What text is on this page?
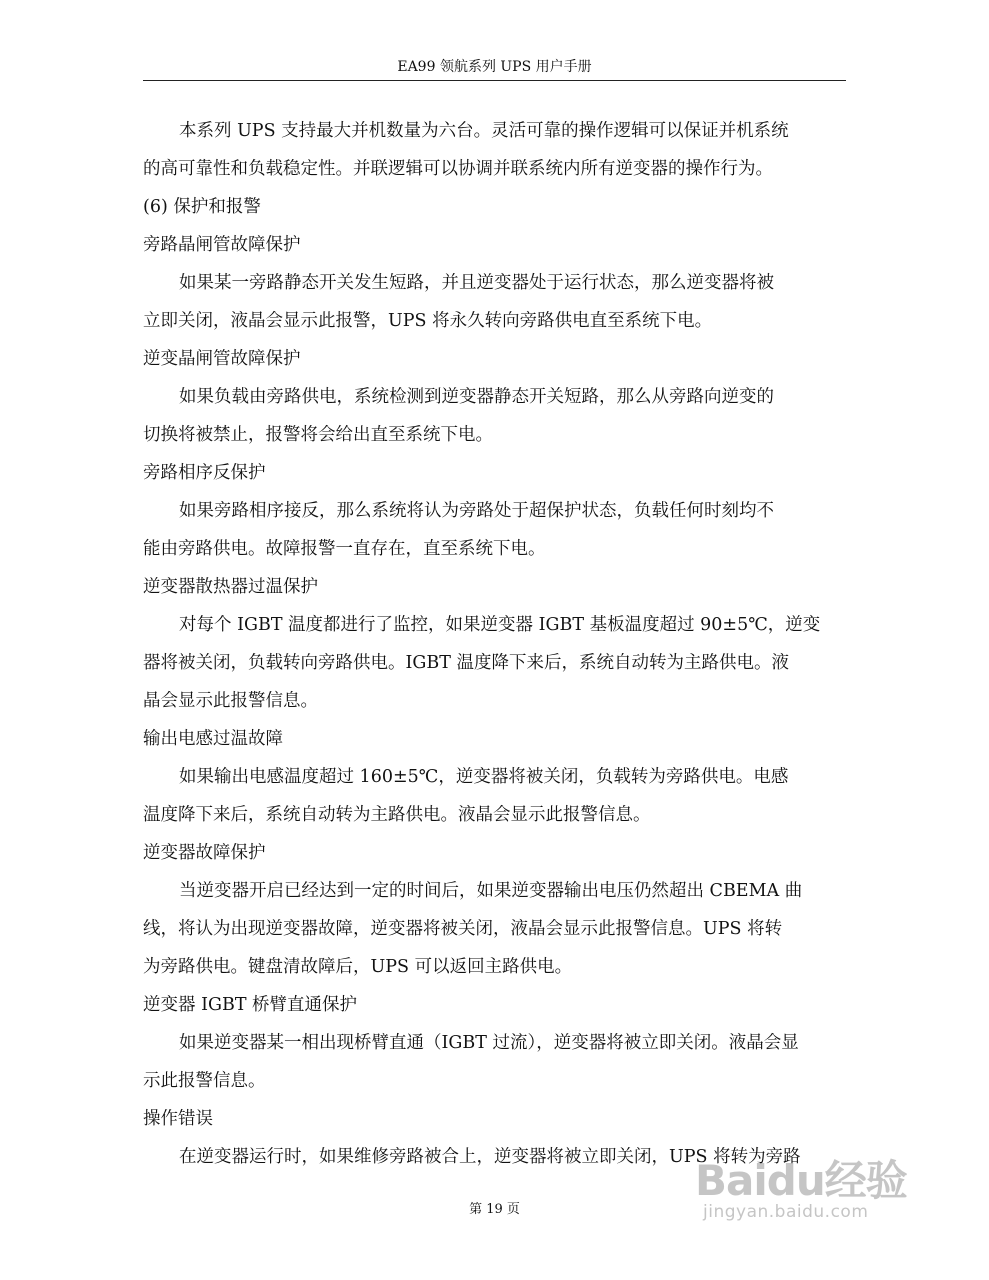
EA99 领航系列 UPS 用户手册
本系列 UPS 支持最大并机数量为六台。灵活可靠的操作逻辑可以保证并机系统
的高可靠性和负载稳定性。并联逻辑可以协调并联系统内所有逆变器的操作行为。
(6) 保护和报警
旁路晶闸管故障保护
如果某一旁路静态开关发生短路，并且逆变器处于运行状态，那么逆变器将被
立即关闭，液晶会显示此报警，UPS 将永久转向旁路供电直至系统下电。
逆变晶闸管故障保护
如果负载由旁路供电，系统检测到逆变器静态开关短路，那么从旁路向逆变的
切换将被禁止，报警将会给出直至系统下电。
旁路相序反保护
如果旁路相序接反，那么系统将认为旁路处于超保护状态，负载任何时刻均不
能由旁路供电。故障报警一直存在，直至系统下电。
逆变器散热器过温保护
对每个 IGBT 温度都进行了监控，如果逆变器 IGBT 基板温度超过 90±5℃，逆变
器将被关闭，负载转向旁路供电。IGBT 温度降下来后，系统自动转为主路供电。液
晶会显示此报警信息。
输出电感过温故障
如果输出电感温度超过 160±5℃，逆变器将被关闭，负载转为旁路供电。电感
温度降下来后，系统自动转为主路供电。液晶会显示此报警信息。
逆变器故障保护
当逆变器开启已经达到一定的时间后，如果逆变器输出电压仍然超出 CBEMA 曲
线，将认为出现逆变器故障，逆变器将被关闭，液晶会显示此报警信息。UPS 将转
为旁路供电。键盘清故障后，UPS 可以返回主路供电。
逆变器 IGBT 桥臂直通保护
如果逆变器某一相出现桥臂直通（IGBT 过流），逆变器将被立即关闭。液晶会显
示此报警信息。
操作错误
在逆变器运行时，如果维修旁路被合上，逆变器将被立即关闭，UPS 将转为旁路
Baidu经验
jingyan.baidu.com
第 19 页
